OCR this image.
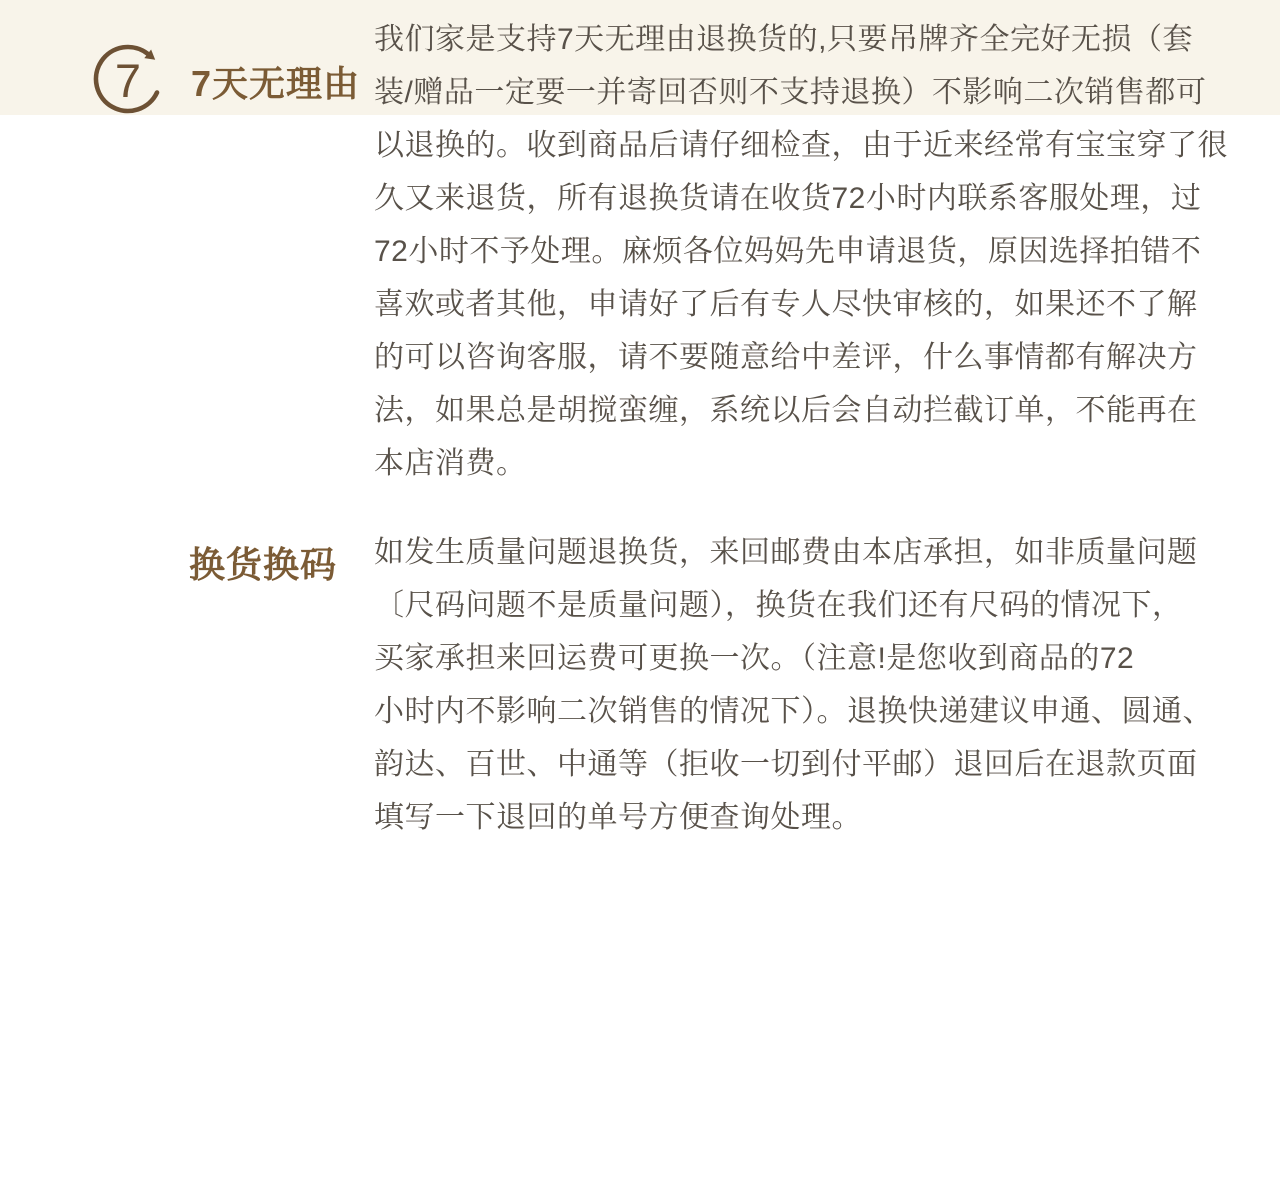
7 7天无理由
我们家是支持7天无理由退换货的,只要吊牌齐全完好无损（套
装/赠品一定要一并寄回否则不支持退换）不影响二次销售都可
以退换的。收到商品后请仔细检查，由于近来经常有宝宝穿了很
久又来退货，所有退换货请在收货72小时内联系客服处理，过
72小时不予处理。麻烦各位妈妈先申请退货，原因选择拍错不
喜欢或者其他，申请好了后有专人尽快审核的，如果还不了解
的可以咨询客服，请不要随意给中差评，什么事情都有解决方
法，如果总是胡搅蛮缠，系统以后会自动拦截订单，不能再在
本店消费。
换货换码 如发生质量问题退换货，来回邮费由本店承担，如非质量问题
〔尺码问题不是质量问题），换货在我们还有尺码的情况下，
买家承担来回运费可更换一次。（注意!是您收到商品的72
小时内不影响二次销售的情况下）。退换快递建议申通、圆通、
韵达、百世、中通等（拒收一切到付平邮）退回后在退款页面
填写一下退回的单号方便查询处理。
